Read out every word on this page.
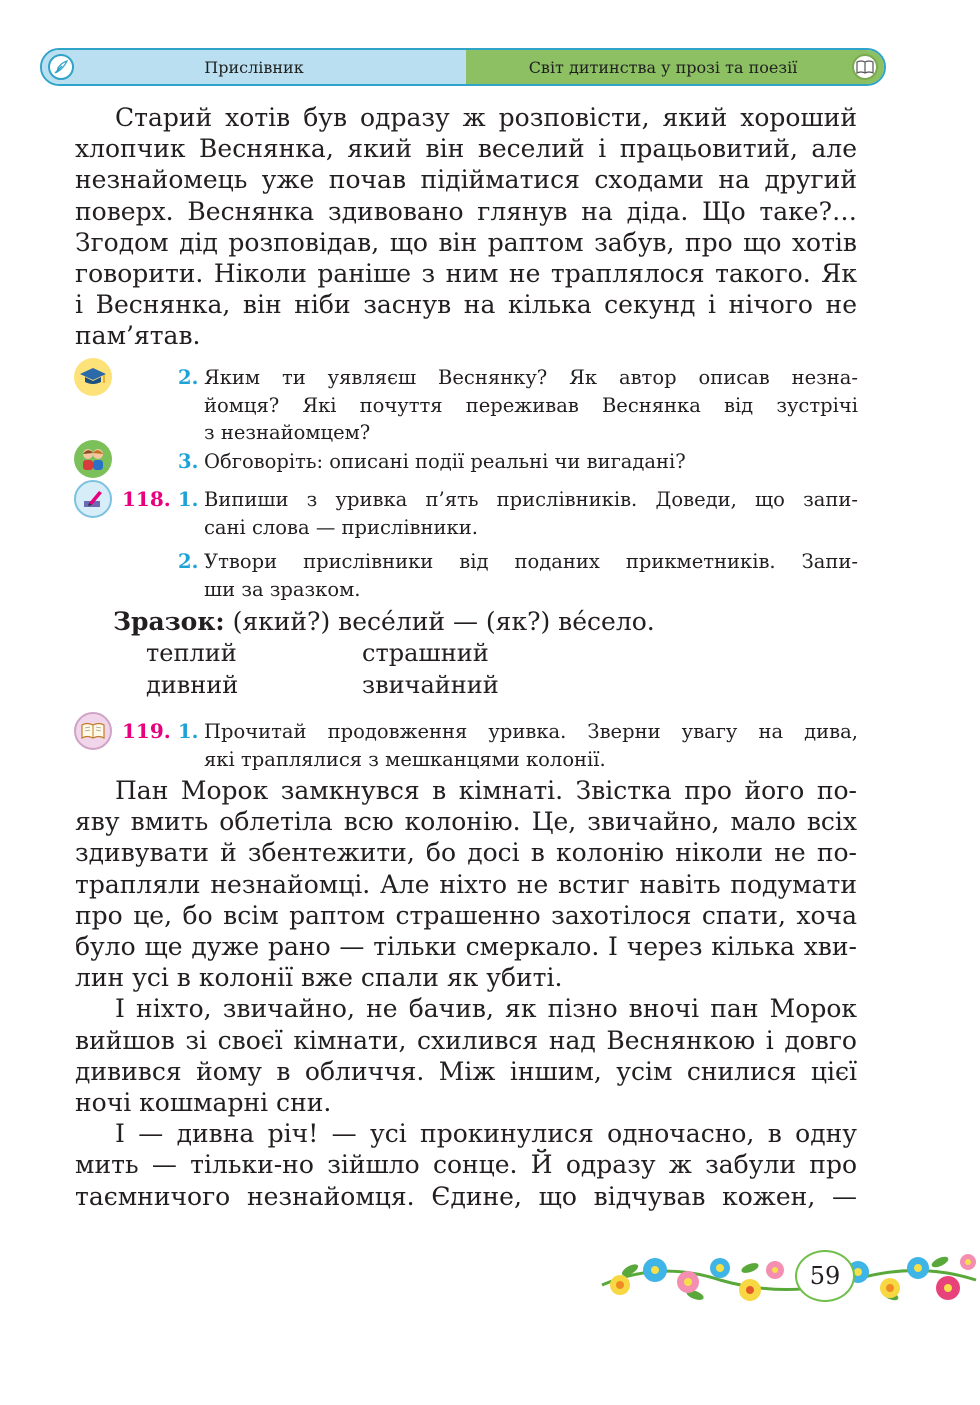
Прислівник	Світ дитинства у прозі та поезії
Старий хотів був одразу ж розповісти, який хороший
хлопчик Веснянка, який він веселий і працьовитий, але
незнайомець уже почав підійматися сходами на другий
поверх. Веснянка здивовано глянув на діда. Що таке?…
Згодом дід розповідав, що він раптом забув, про що хотів
говорити. Ніколи раніше з ним не траплялося такого. Як
і Веснянка, він ніби заснув на кілька секунд і нічого не
пам’ятав.
2. Яким ти уявляєш Веснянку? Як автор описав незна-
йомця? Які почуття переживав Веснянка від зустрічі
з незнайомцем?
3. Обговоріть: описані події реальні чи вигадані?
118. 1. Випиши з уривка п’ять прислівників. Доведи, що запи-
сані слова — прислівники.
2. Утвори прислівники від поданих прикметників. Запи-
ши за зразком.
Зразок: (який?) весе́лий — (як?) ве́село.
теплий	страшний
дивний	звичайний
119. 1. Прочитай продовження уривка. Зверни увагу на дива,
які траплялися з мешканцями колонії.
Пан Морок замкнувся в кімнаті. Звістка про його по-
яву вмить облетіла всю колонію. Це, звичайно, мало всіх
здивувати й збентежити, бо досі в колонію ніколи не по-
трапляли незнайомці. Але ніхто не встиг навіть подумати
про це, бо всім раптом страшенно захотілося спати, хоча
було ще дуже рано — тільки смеркало. І через кілька хви-
лин усі в колонії вже спали як убиті.
І ніхто, звичайно, не бачив, як пізно вночі пан Морок
вийшов зі своєї кімнати, схилився над Веснянкою і довго
дивився йому в обличчя. Між іншим, усім снилися цієї
ночі кошмарні сни.
І — дивна річ! — усі прокинулися одночасно, в одну
мить — тільки-но зійшло сонце. Й одразу ж забули про
таємничого незнайомця. Єдине, що відчував кожен, —
59
